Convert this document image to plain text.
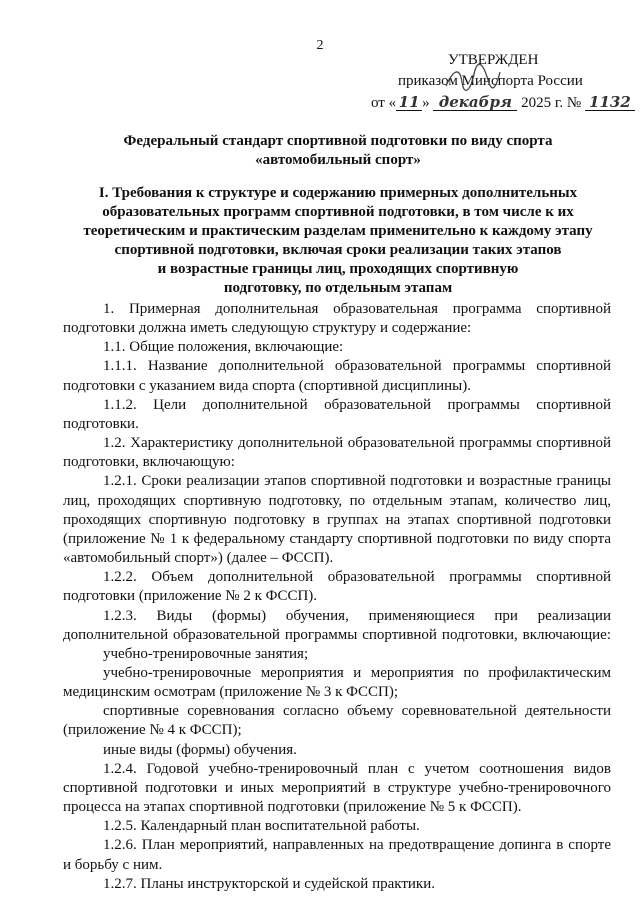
2
УТВЕРЖДЕН
приказом Минспорта России
от « 11 » декабря 2025 г. № 1132
Федеральный стандарт спортивной подготовки по виду спорта
«автомобильный спорт»
I. Требования к структуре и содержанию примерных дополнительных
образовательных программ спортивной подготовки, в том числе к их
теоретическим и практическим разделам применительно к каждому этапу
спортивной подготовки, включая сроки реализации таких этапов
и возрастные границы лиц, проходящих спортивную
подготовку, по отдельным этапам

1. Примерная дополнительная образовательная программа спортивной

подготовки должна иметь следующую структуру и содержание:

1.1. Общие положения, включающие:

1.1.1. Название дополнительной образовательной программы спортивной

подготовки с указанием вида спорта (спортивной дисциплины).

1.1.2. Цели дополнительной образовательной программы спортивной

подготовки.

1.2. Характеристику дополнительной образовательной программы спортивной

подготовки, включающую:

1.2.1. Сроки реализации этапов спортивной подготовки и возрастные границы

лиц, проходящих спортивную подготовку, по отдельным этапам, количество лиц,

проходящих спортивную подготовку в группах на этапах спортивной подготовки

(приложение № 1 к федеральному стандарту спортивной подготовки по виду спорта

«автомобильный спорт») (далее – ФССП).

1.2.2. Объем дополнительной образовательной программы спортивной

подготовки (приложение № 2 к ФССП).

1.2.3. Виды (формы) обучения, применяющиеся при реализации

дополнительной образовательной программы спортивной подготовки, включающие:

учебно-тренировочные занятия;

учебно-тренировочные мероприятия и мероприятия по профилактическим

медицинским осмотрам (приложение № 3 к ФССП);

спортивные соревнования согласно объему соревновательной деятельности

(приложение № 4 к ФССП);

иные виды (формы) обучения.

1.2.4. Годовой учебно-тренировочный план с учетом соотношения видов

спортивной подготовки и иных мероприятий в структуре учебно-тренировочного

процесса на этапах спортивной подготовки (приложение № 5 к ФССП).

1.2.5. Календарный план воспитательной работы.

1.2.6. План мероприятий, направленных на предотвращение допинга в спорте

и борьбу с ним.

1.2.7. Планы инструкторской и судейской практики.
